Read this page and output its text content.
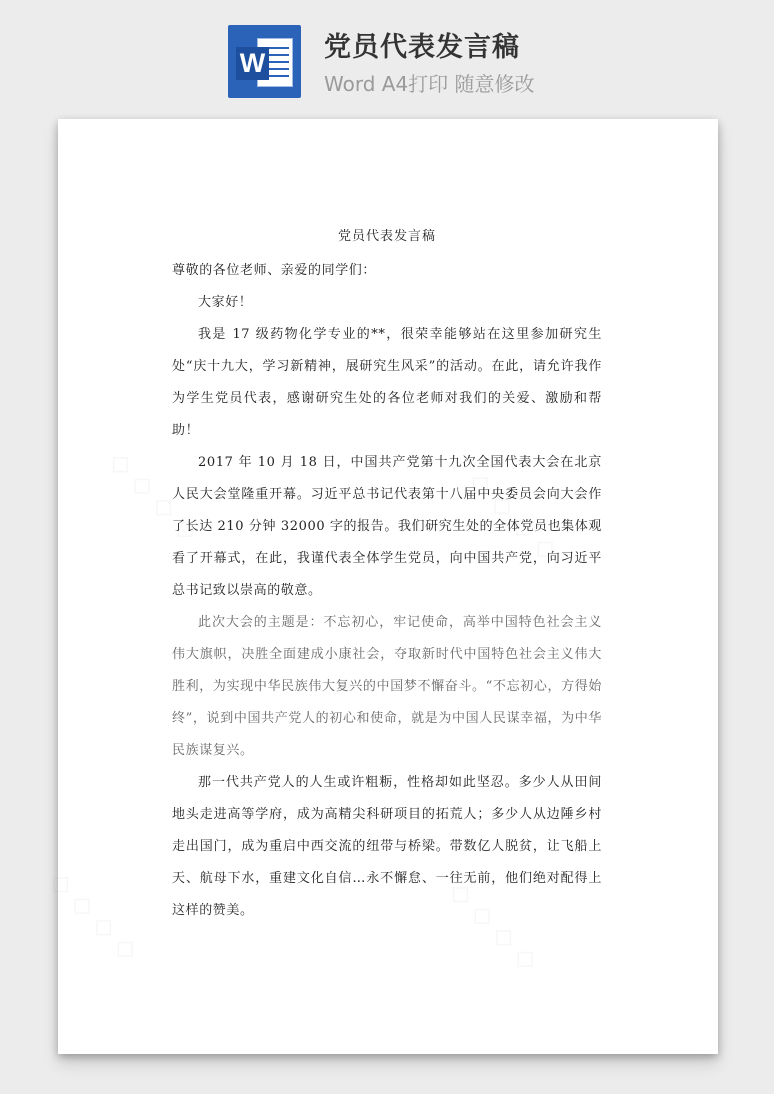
W 党员代表发言稿
Word A4打印 随意修改
◇ ◇ ◇ ◇	◇ ◇ ◇ ◇
◇ ◇ ◇ ◇	◇ ◇ ◇ ◇

党员代表发言稿

尊敬的各位老师、亲爱的同学们：

大家好！

我是 17 级药物化学专业的**，很荣幸能够站在这里参加研究生处“庆十九大，学习新精神，展研究生风采”的活动。在此，请允许我作为学生党员代表，感谢研究生处的各位老师对我们的关爱、激励和帮助！

2017 年 10 月 18 日，中国共产党第十九次全国代表大会在北京人民大会堂隆重开幕。习近平总书记代表第十八届中央委员会向大会作了长达 210 分钟 32000 字的报告。我们研究生处的全体党员也集体观看了开幕式，在此，我谨代表全体学生党员，向中国共产党，向习近平总书记致以崇高的敬意。

此次大会的主题是：不忘初心，牢记使命，高举中国特色社会主义伟大旗帜，决胜全面建成小康社会，夺取新时代中国特色社会主义伟大胜利，为实现中华民族伟大复兴的中国梦不懈奋斗。“不忘初心，方得始终”，说到中国共产党人的初心和使命，就是为中国人民谋幸福，为中华民族谋复兴。

那一代共产党人的人生或许粗粝，性格却如此坚忍。多少人从田间地头走进高等学府，成为高精尖科研项目的拓荒人；多少人从边陲乡村走出国门，成为重启中西交流的纽带与桥梁。带数亿人脱贫，让飞船上天、航母下水，重建文化自信…永不懈怠、一往无前，他们绝对配得上这样的赞美。
